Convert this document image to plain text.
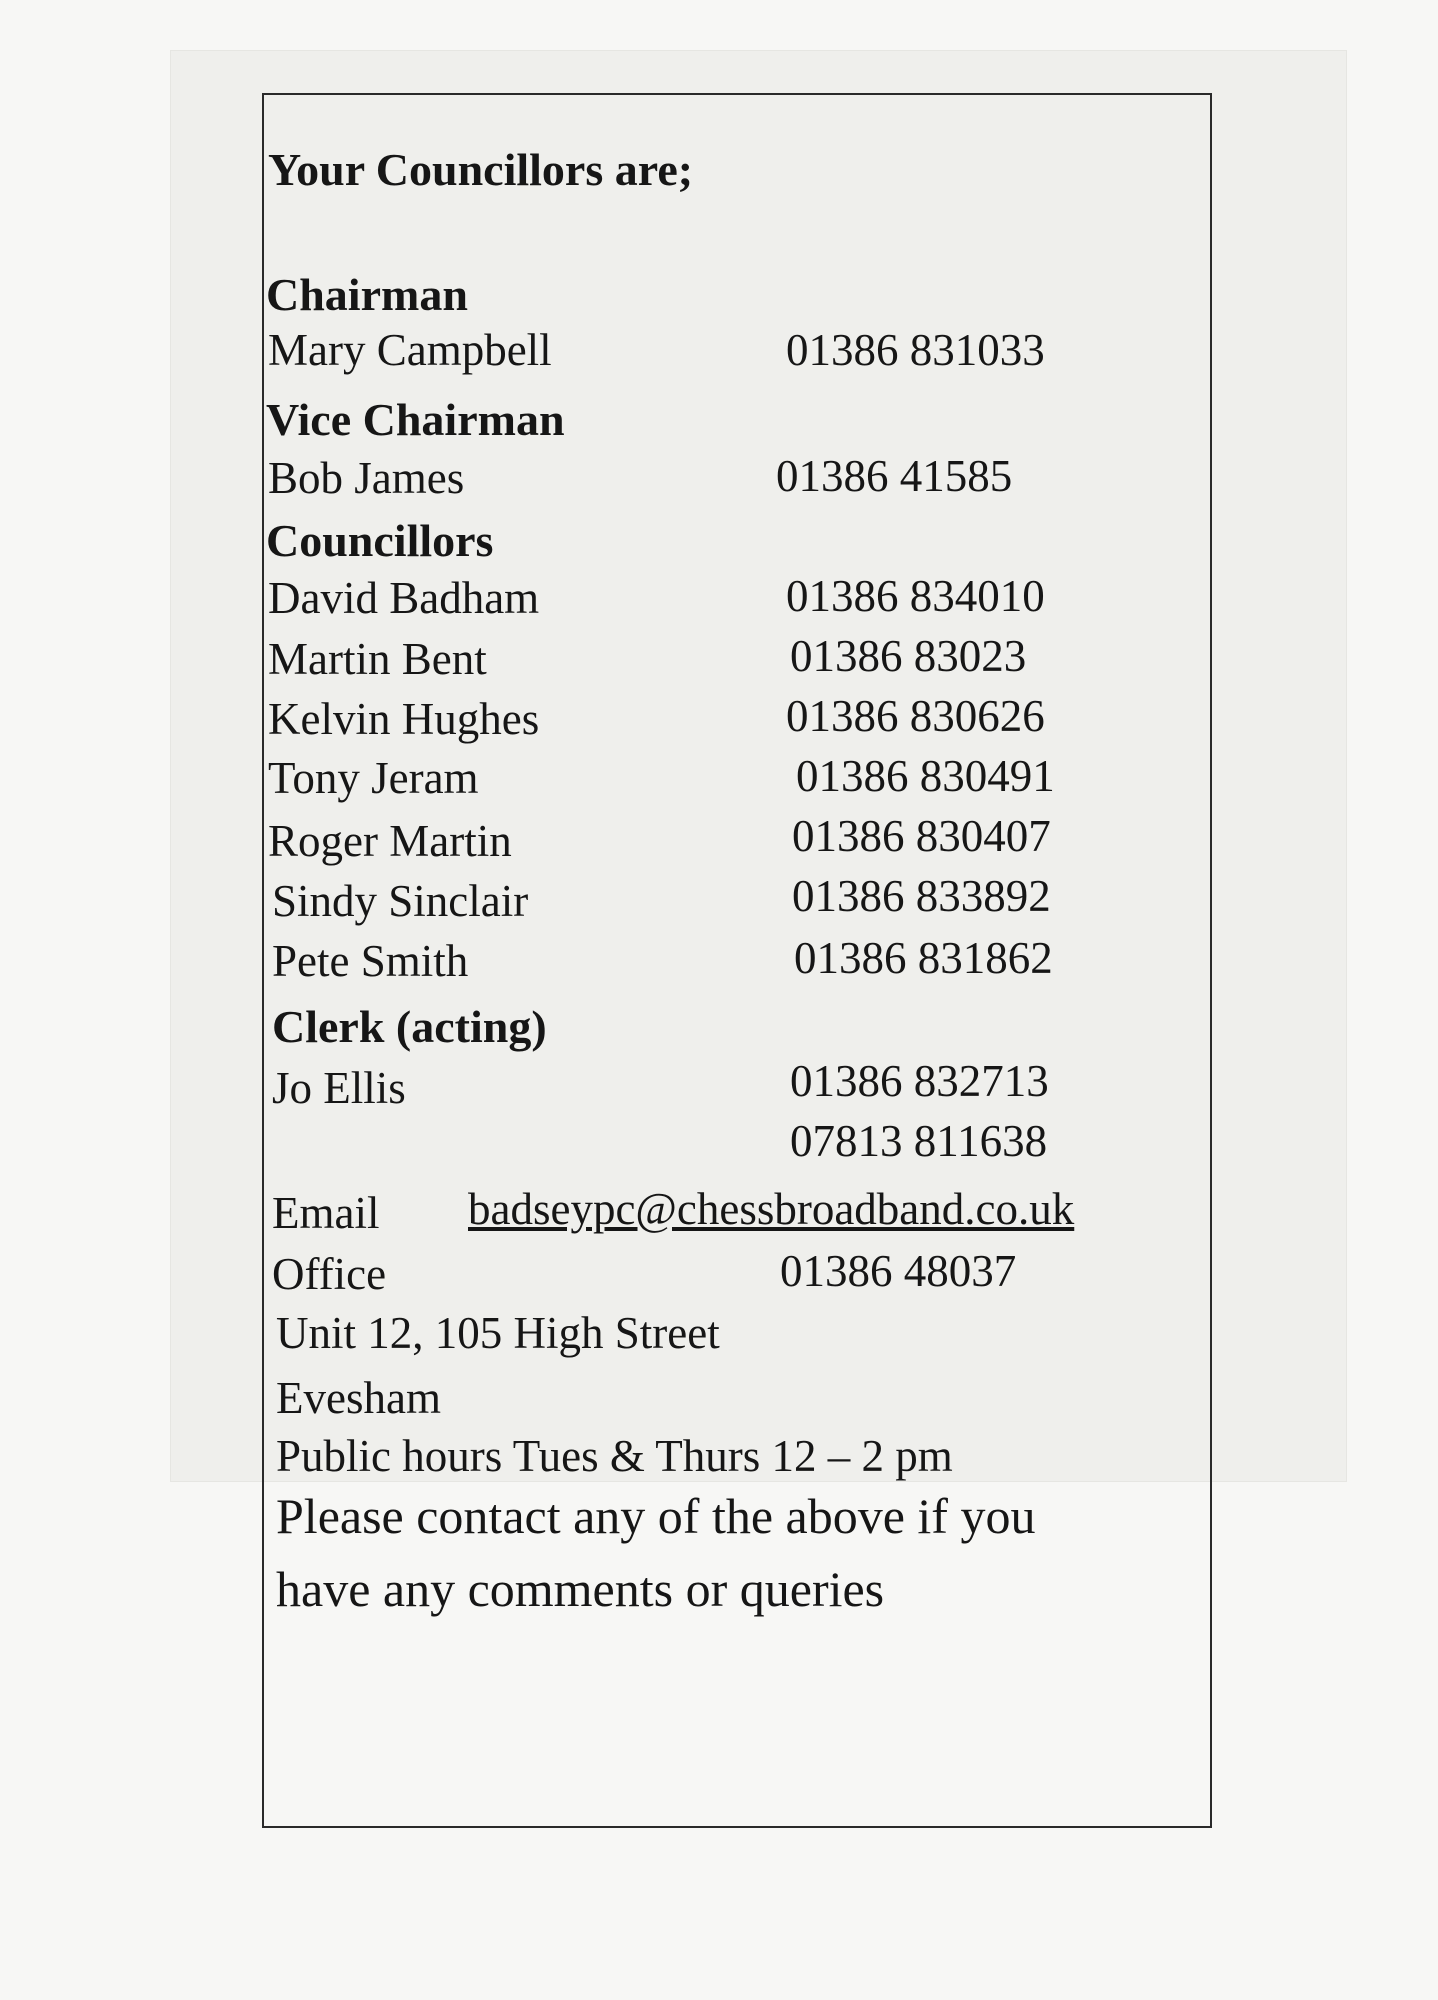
Your Councillors are;
Chairman
Mary Campbell	01386 831033
Vice Chairman
Bob James	01386 41585
Councillors
David Badham	01386 834010
Martin Bent	01386 83023
Kelvin Hughes	01386 830626
Tony Jeram	01386 830491
Roger Martin	01386 830407
Sindy Sinclair	01386 833892
Pete Smith	01386 831862
Clerk (acting)
Jo Ellis	01386 832713
07813 811638
Email badseypc@chessbroadband.co.uk
Office	01386 48037
Unit 12, 105 High Street
Evesham
Public hours Tues & Thurs 12 – 2 pm
Please contact any of the above if you
have any comments or queries
